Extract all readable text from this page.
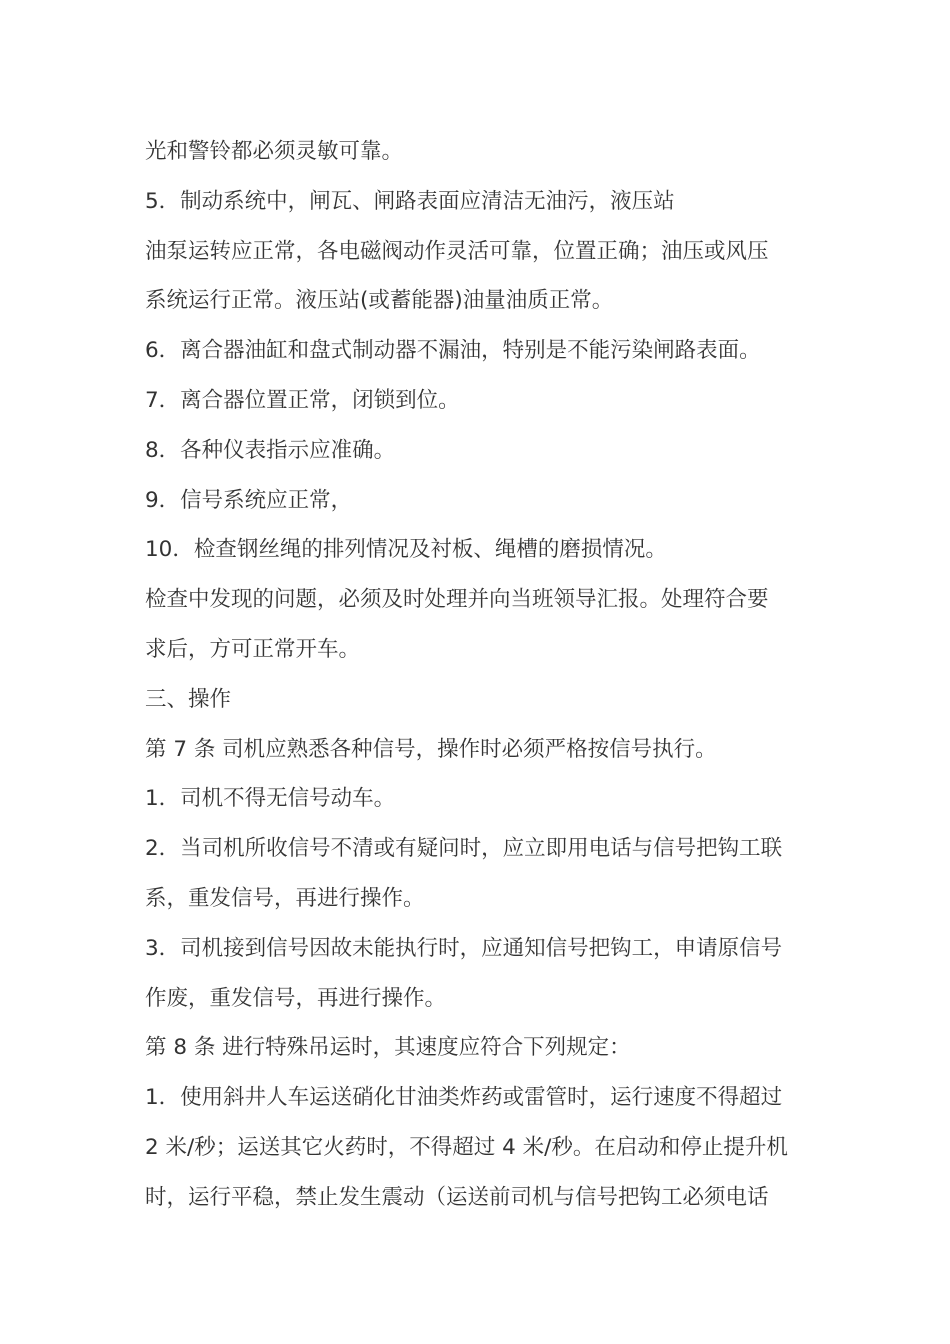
光和警铃都必须灵敏可靠。
5．制动系统中，闸瓦、闸路表面应清洁无油污，液压站
油泵运转应正常，各电磁阀动作灵活可靠，位置正确；油压或风压
系统运行正常。液压站(或蓄能器)油量油质正常。
6．离合器油缸和盘式制动器不漏油，特别是不能污染闸路表面。
7．离合器位置正常，闭锁到位。
8．各种仪表指示应准确。
9．信号系统应正常，
10．检查钢丝绳的排列情况及衬板、绳槽的磨损情况。
检查中发现的问题，必须及时处理并向当班领导汇报。处理符合要
求后，方可正常开车。
三、操作
第 7 条 司机应熟悉各种信号，操作时必须严格按信号执行。
1．司机不得无信号动车。
2．当司机所收信号不清或有疑问时，应立即用电话与信号把钩工联
系，重发信号，再进行操作。
3．司机接到信号因故未能执行时，应通知信号把钩工，申请原信号
作废，重发信号，再进行操作。
第 8 条 进行特殊吊运时，其速度应符合下列规定：
1．使用斜井人车运送硝化甘油类炸药或雷管时，运行速度不得超过
2 米/秒；运送其它火药时，不得超过 4 米/秒。在启动和停止提升机
时，运行平稳，禁止发生震动（运送前司机与信号把钩工必须电话
